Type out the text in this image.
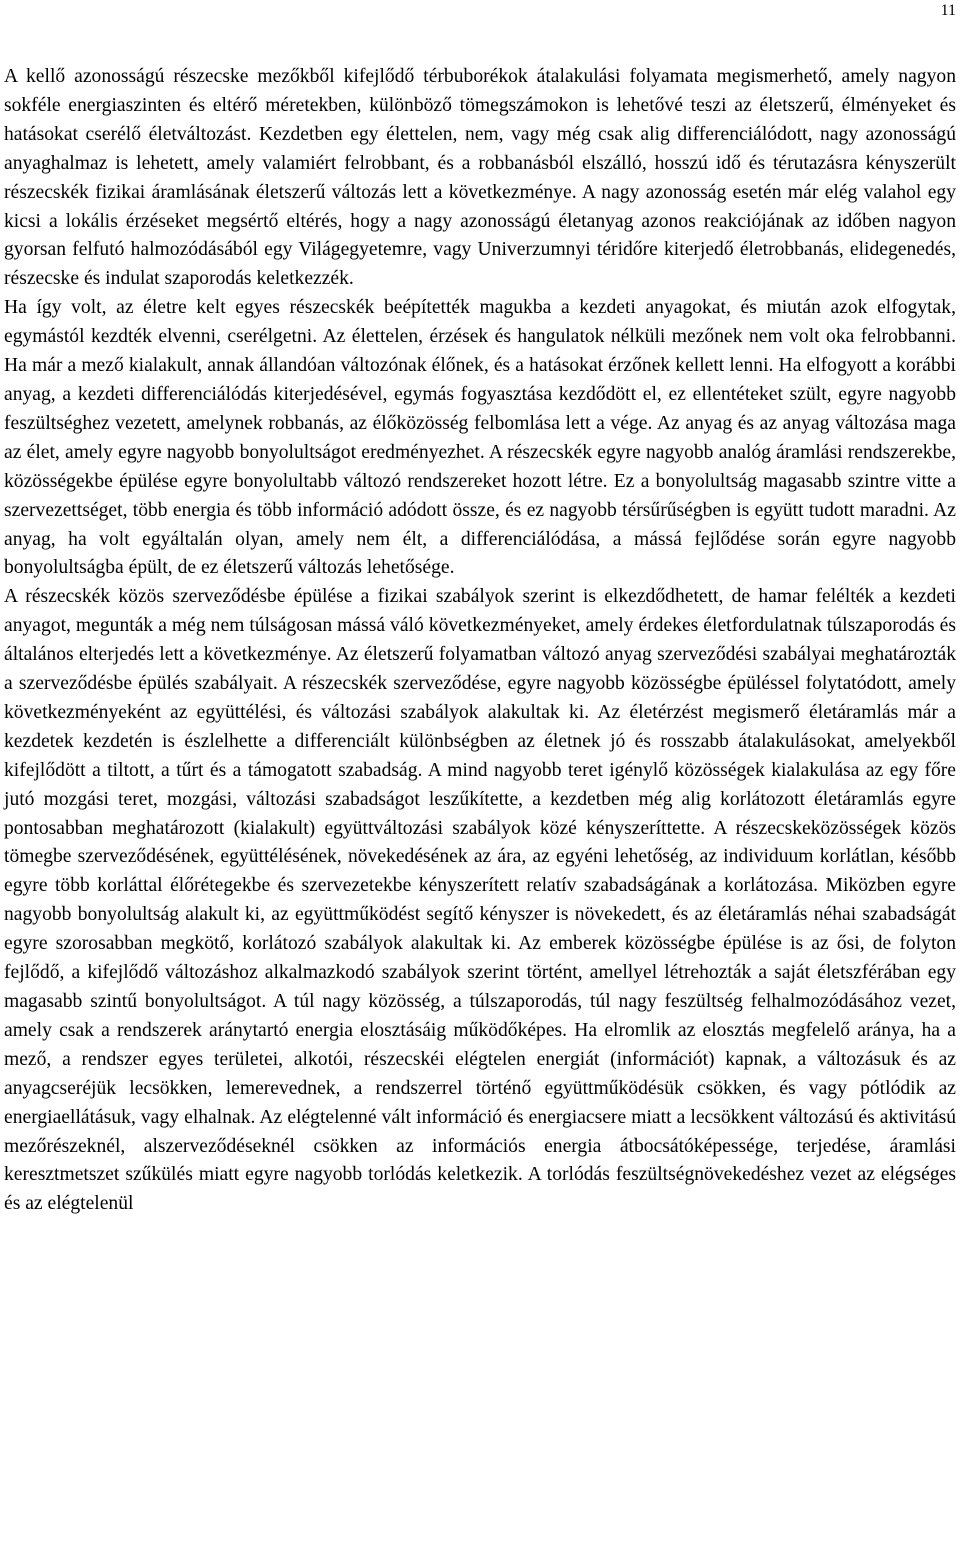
11

A kellő azonosságú részecske mezőkből kifejlődő térbuborékok átalakulási folyamata megismerhető, amely nagyon sokféle energiaszinten és eltérő méretekben, különböző tömegszámokon is lehetővé teszi az életszerű, élményeket és hatásokat cserélő életváltozást. Kezdetben egy élettelen, nem, vagy még csak alig differenciálódott, nagy azonosságú anyaghalmaz is lehetett, amely valamiért felrobbant, és a robbanásból elszálló, hosszú idő és térutazásra kényszerült részecskék fizikai áramlásának életszerű változás lett a következménye. A nagy azonosság esetén már elég valahol egy kicsi a lokális érzéseket megsértő eltérés, hogy a nagy azonosságú életanyag azonos reakciójának az időben nagyon gyorsan felfutó halmozódásából egy Világegyetemre, vagy Univerzumnyi téridőre kiterjedő életrobbanás, elidegenedés, részecske és indulat szaporodás keletkezzék.

Ha így volt, az életre kelt egyes részecskék beépítették magukba a kezdeti anyagokat, és miután azok elfogytak, egymástól kezdték elvenni, cserélgetni. Az élettelen, érzések és hangulatok nélküli mezőnek nem volt oka felrobbanni. Ha már a mező kialakult, annak állandóan változónak élőnek, és a hatásokat érzőnek kellett lenni. Ha elfogyott a korábbi anyag, a kezdeti differenciálódás kiterjedésével, egymás fogyasztása kezdődött el, ez ellentéteket szült, egyre nagyobb feszültséghez vezetett, amelynek robbanás, az élőközösség felbomlása lett a vége. Az anyag és az anyag változása maga az élet, amely egyre nagyobb bonyolultságot eredményezhet. A részecskék egyre nagyobb analóg áramlási rendszerekbe, közösségekbe épülése egyre bonyolultabb változó rendszereket hozott létre. Ez a bonyolultság magasabb szintre vitte a szervezettséget, több energia és több információ adódott össze, és ez nagyobb térsűrűségben is együtt tudott maradni. Az anyag, ha volt egyáltalán olyan, amely nem élt, a differenciálódása, a mássá fejlődése során egyre nagyobb bonyolultságba épült, de ez életszerű változás lehetősége.

A részecskék közös szerveződésbe épülése a fizikai szabályok szerint is elkezdődhetett, de hamar felélték a kezdeti anyagot, megunták a még nem túlságosan mássá váló következményeket, amely érdekes életfordulatnak túlszaporodás és általános elterjedés lett a következménye. Az életszerű folyamatban változó anyag szerveződési szabályai meghatározták a szerveződésbe épülés szabályait. A részecskék szerveződése, egyre nagyobb közösségbe épüléssel folytatódott, amely következményeként az együttélési, és változási szabályok alakultak ki. Az életérzést megismerő életáramlás már a kezdetek kezdetén is észlelhette a differenciált különbségben az életnek jó és rosszabb átalakulásokat, amelyekből kifejlődött a tiltott, a tűrt és a támogatott szabadság. A mind nagyobb teret igénylő közösségek kialakulása az egy főre jutó mozgási teret, mozgási, változási szabadságot leszűkítette, a kezdetben még alig korlátozott életáramlás egyre pontosabban meghatározott (kialakult) együttváltozási szabályok közé kényszeríttette. A részecskeközösségek közös tömegbe szerveződésének, együttélésének, növekedésének az ára, az egyéni lehetőség, az individuum korlátlan, később egyre több korláttal élőrétegekbe és szervezetekbe kényszerített relatív szabadságának a korlátozása. Miközben egyre nagyobb bonyolultság alakult ki, az együttműködést segítő kényszer is növekedett, és az életáramlás néhai szabadságát egyre szorosabban megkötő, korlátozó szabályok alakultak ki. Az emberek közösségbe épülése is az ősi, de folyton fejlődő, a kifejlődő változáshoz alkalmazkodó szabályok szerint történt, amellyel létrehozták a saját életszférában egy magasabb szintű bonyolultságot. A túl nagy közösség, a túlszaporodás, túl nagy feszültség felhalmozódásához vezet, amely csak a rendszerek aránytartó energia elosztásáig működőképes. Ha elromlik az elosztás megfelelő aránya, ha a mező, a rendszer egyes területei, alkotói, részecskéi elégtelen energiát (információt) kapnak, a változásuk és az anyagcseréjük lecsökken, lemerevednek, a rendszerrel történő együttműködésük csökken, és vagy pótlódik az energiaellátásuk, vagy elhalnak. Az elégtelenné vált információ és energiacsere miatt a lecsökkent változású és aktivitású mezőrészeknél, alszerveződéseknél csökken az információs energia átbocsátóképessége, terjedése, áramlási keresztmetszet szűkülés miatt egyre nagyobb torlódás keletkezik. A torlódás feszültségnövekedéshez vezet az elégséges és az elégtelenül
